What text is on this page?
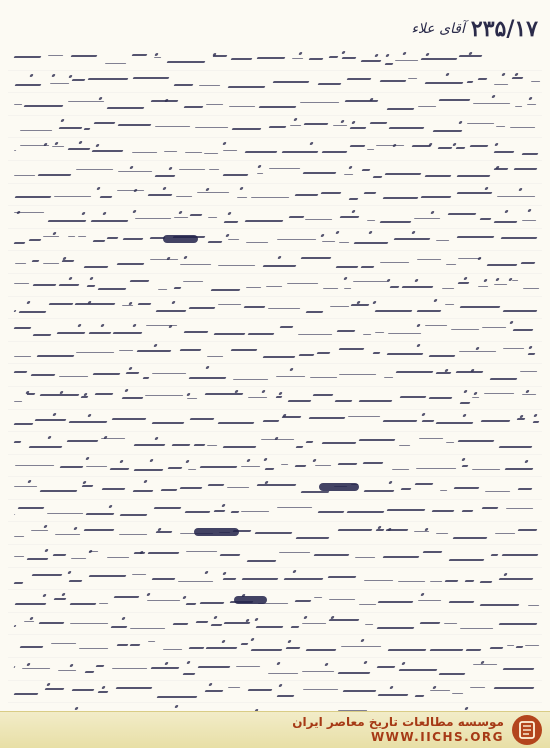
۲۳۵/۱۷
آقای علاء
موسسه مطالعات تاریخ معاصر ایران
WWW.IICHS.ORG
